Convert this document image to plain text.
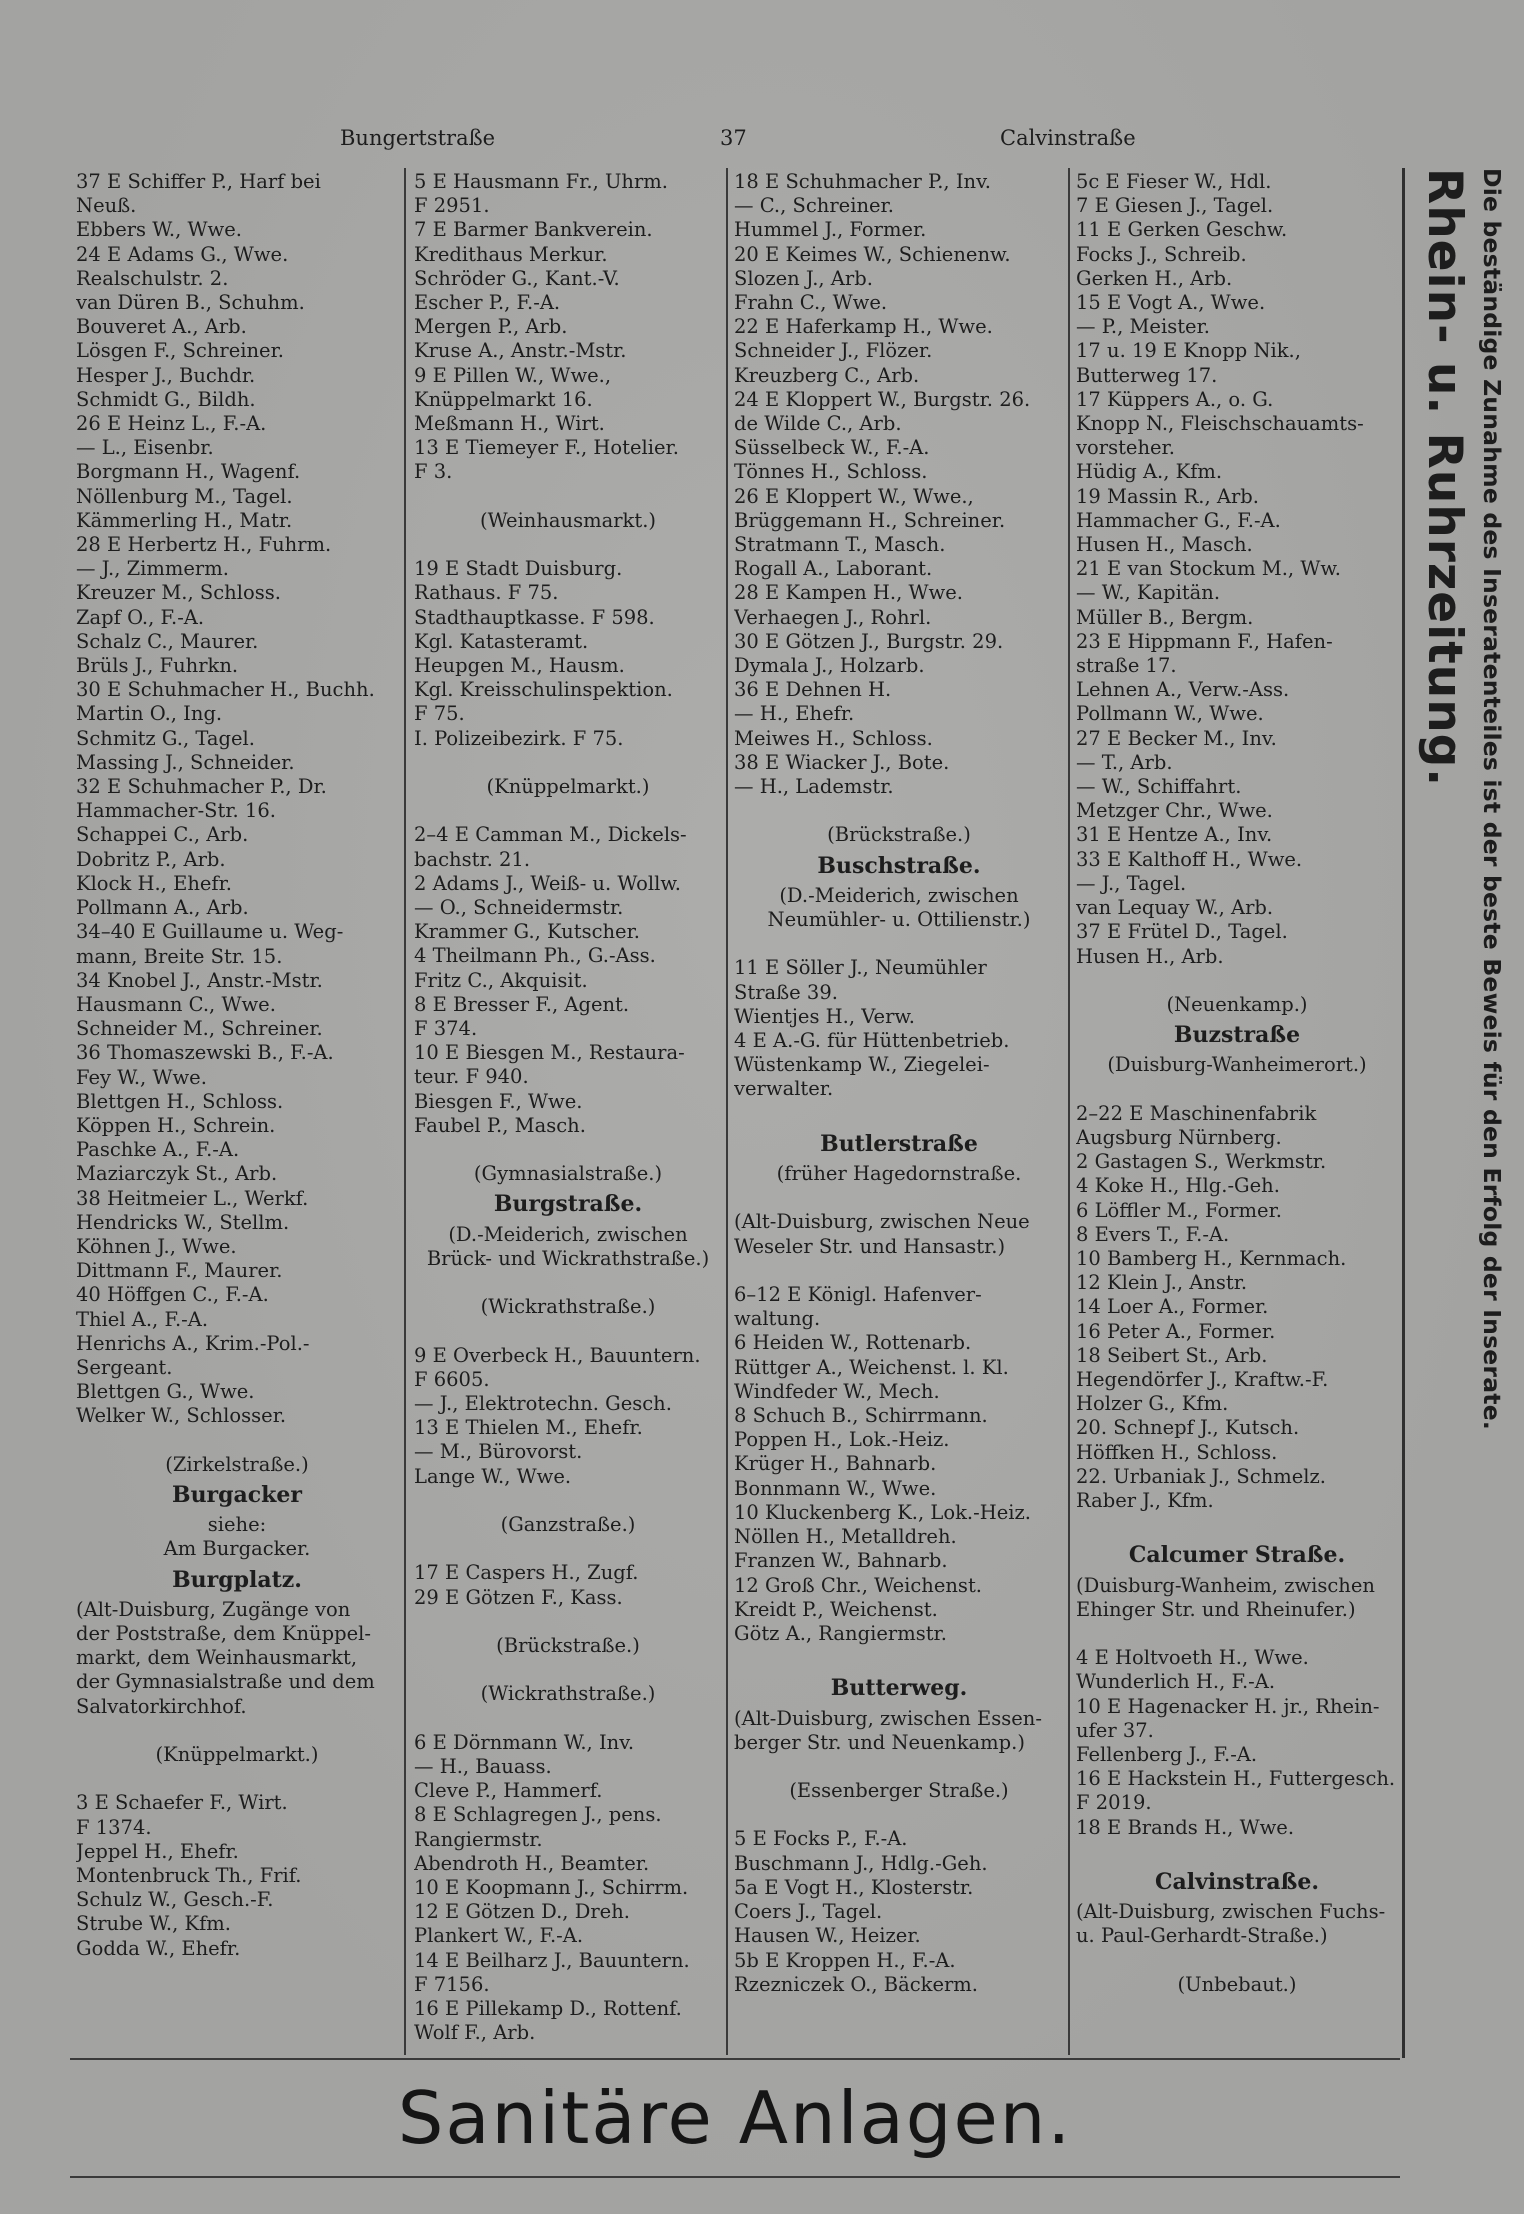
Bungertstraße	37	Calvinstraße
37 E Schiffer P., Harf bei
Neuß.
Ebbers W., Wwe.
24 E Adams G., Wwe.
Realschulstr. 2.
van Düren B., Schuhm.
Bouveret A., Arb.
Lösgen F., Schreiner.
Hesper J., Buchdr.
Schmidt G., Bildh.
26 E Heinz L., F.-A.
— L., Eisenbr.
Borgmann H., Wagenf.
Nöllenburg M., Tagel.
Kämmerling H., Matr.
28 E Herbertz H., Fuhrm.
— J., Zimmerm.
Kreuzer M., Schloss.
Zapf O., F.-A.
Schalz C., Maurer.
Brüls J., Fuhrkn.
30 E Schuhmacher H., Buchh.
Martin O., Ing.
Schmitz G., Tagel.
Massing J., Schneider.
32 E Schuhmacher P., Dr.
Hammacher-Str. 16.
Schappei C., Arb.
Dobritz P., Arb.
Klock H., Ehefr.
Pollmann A., Arb.
34–40 E Guillaume u. Weg-
mann, Breite Str. 15.
34 Knobel J., Anstr.-Mstr.
Hausmann C., Wwe.
Schneider M., Schreiner.
36 Thomaszewski B., F.-A.
Fey W., Wwe.
Blettgen H., Schloss.
Köppen H., Schrein.
Paschke A., F.-A.
Maziarczyk St., Arb.
38 Heitmeier L., Werkf.
Hendricks W., Stellm.
Köhnen J., Wwe.
Dittmann F., Maurer.
40 Höffgen C., F.-A.
Thiel A., F.-A.
Henrichs A., Krim.-Pol.-
Sergeant.
Blettgen G., Wwe.
Welker W., Schlosser.
(Zirkelstraße.)
Burgacker
siehe:
Am Burgacker.
Burgplatz.
(Alt-Duisburg, Zugänge von
der Poststraße, dem Knüppel-
markt, dem Weinhausmarkt,
der Gymnasialstraße und dem
Salvatorkirchhof.
(Knüppelmarkt.)
3 E Schaefer F., Wirt.
F 1374.
Jeppel H., Ehefr.
Montenbruck Th., Frif.
Schulz W., Gesch.-F.
Strube W., Kfm.
Godda W., Ehefr.
5 E Hausmann Fr., Uhrm.
F 2951.
7 E Barmer Bankverein.
Kredithaus Merkur.
Schröder G., Kant.-V.
Escher P., F.-A.
Mergen P., Arb.
Kruse A., Anstr.-Mstr.
9 E Pillen W., Wwe.,
Knüppelmarkt 16.
Meßmann H., Wirt.
13 E Tiemeyer F., Hotelier.
F 3.
(Weinhausmarkt.)
19 E Stadt Duisburg.
Rathaus. F 75.
Stadthauptkasse. F 598.
Kgl. Katasteramt.
Heupgen M., Hausm.
Kgl. Kreisschulinspektion.
F 75.
I. Polizeibezirk. F 75.
(Knüppelmarkt.)
2–4 E Camman M., Dickels-
bachstr. 21.
2 Adams J., Weiß- u. Wollw.
— O., Schneidermstr.
Krammer G., Kutscher.
4 Theilmann Ph., G.-Ass.
Fritz C., Akquisit.
8 E Bresser F., Agent.
F 374.
10 E Biesgen M., Restaura-
teur. F 940.
Biesgen F., Wwe.
Faubel P., Masch.
(Gymnasialstraße.)
Burgstraße.
(D.-Meiderich, zwischen
Brück- und Wickrathstraße.)
(Wickrathstraße.)
9 E Overbeck H., Bauuntern.
F 6605.
— J., Elektrotechn. Gesch.
13 E Thielen M., Ehefr.
— M., Bürovorst.
Lange W., Wwe.
(Ganzstraße.)
17 E Caspers H., Zugf.
29 E Götzen F., Kass.
(Brückstraße.)
(Wickrathstraße.)
6 E Dörnmann W., Inv.
— H., Bauass.
Cleve P., Hammerf.
8 E Schlagregen J., pens.
Rangiermstr.
Abendroth H., Beamter.
10 E Koopmann J., Schirrm.
12 E Götzen D., Dreh.
Plankert W., F.-A.
14 E Beilharz J., Bauuntern.
F 7156.
16 E Pillekamp D., Rottenf.
Wolf F., Arb.
18 E Schuhmacher P., Inv.
— C., Schreiner.
Hummel J., Former.
20 E Keimes W., Schienenw.
Slozen J., Arb.
Frahn C., Wwe.
22 E Haferkamp H., Wwe.
Schneider J., Flözer.
Kreuzberg C., Arb.
24 E Kloppert W., Burgstr. 26.
de Wilde C., Arb.
Süsselbeck W., F.-A.
Tönnes H., Schloss.
26 E Kloppert W., Wwe.,
Brüggemann H., Schreiner.
Stratmann T., Masch.
Rogall A., Laborant.
28 E Kampen H., Wwe.
Verhaegen J., Rohrl.
30 E Götzen J., Burgstr. 29.
Dymala J., Holzarb.
36 E Dehnen H.
— H., Ehefr.
Meiwes H., Schloss.
38 E Wiacker J., Bote.
— H., Lademstr.
(Brückstraße.)
Buschstraße.
(D.-Meiderich, zwischen
Neumühler- u. Ottilienstr.)
11 E Söller J., Neumühler
Straße 39.
Wientjes H., Verw.
4 E A.-G. für Hüttenbetrieb.
Wüstenkamp W., Ziegelei-
verwalter.
Butlerstraße
(früher Hagedornstraße.
(Alt-Duisburg, zwischen Neue
Weseler Str. und Hansastr.)
6–12 E Königl. Hafenver-
waltung.
6 Heiden W., Rottenarb.
Rüttger A., Weichenst. l. Kl.
Windfeder W., Mech.
8 Schuch B., Schirrmann.
Poppen H., Lok.-Heiz.
Krüger H., Bahnarb.
Bonnmann W., Wwe.
10 Kluckenberg K., Lok.-Heiz.
Nöllen H., Metalldreh.
Franzen W., Bahnarb.
12 Groß Chr., Weichenst.
Kreidt P., Weichenst.
Götz A., Rangiermstr.
Butterweg.
(Alt-Duisburg, zwischen Essen-
berger Str. und Neuenkamp.)
(Essenberger Straße.)
5 E Focks P., F.-A.
Buschmann J., Hdlg.-Geh.
5a E Vogt H., Klosterstr.
Coers J., Tagel.
Hausen W., Heizer.
5b E Kroppen H., F.-A.
Rzezniczek O., Bäckerm.
5c E Fieser W., Hdl.
7 E Giesen J., Tagel.
11 E Gerken Geschw.
Focks J., Schreib.
Gerken H., Arb.
15 E Vogt A., Wwe.
— P., Meister.
17 u. 19 E Knopp Nik.,
Butterweg 17.
17 Küppers A., o. G.
Knopp N., Fleischschauamts-
vorsteher.
Hüdig A., Kfm.
19 Massin R., Arb.
Hammacher G., F.-A.
Husen H., Masch.
21 E van Stockum M., Ww.
— W., Kapitän.
Müller B., Bergm.
23 E Hippmann F., Hafen-
straße 17.
Lehnen A., Verw.-Ass.
Pollmann W., Wwe.
27 E Becker M., Inv.
— T., Arb.
— W., Schiffahrt.
Metzger Chr., Wwe.
31 E Hentze A., Inv.
33 E Kalthoff H., Wwe.
— J., Tagel.
van Lequay W., Arb.
37 E Frütel D., Tagel.
Husen H., Arb.
(Neuenkamp.)
Buzstraße
(Duisburg-Wanheimerort.)
2–22 E Maschinenfabrik
Augsburg Nürnberg.
2 Gastagen S., Werkmstr.
4 Koke H., Hlg.-Geh.
6 Löffler M., Former.
8 Evers T., F.-A.
10 Bamberg H., Kernmach.
12 Klein J., Anstr.
14 Loer A., Former.
16 Peter A., Former.
18 Seibert St., Arb.
Hegendörfer J., Kraftw.-F.
Holzer G., Kfm.
20. Schnepf J., Kutsch.
Höffken H., Schloss.
22. Urbaniak J., Schmelz.
Raber J., Kfm.
Calcumer Straße.
(Duisburg-Wanheim, zwischen
Ehinger Str. und Rheinufer.)
4 E Holtvoeth H., Wwe.
Wunderlich H., F.-A.
10 E Hagenacker H. jr., Rhein-
ufer 37.
Fellenberg J., F.-A.
16 E Hackstein H., Futtergesch.
F 2019.
18 E Brands H., Wwe.
Calvinstraße.
(Alt-Duisburg, zwischen Fuchs-
u. Paul-Gerhardt-Straße.)
(Unbebaut.)
Rhein- u. Ruhrzeitung. Die beständige Zunahme des Inseratenteiles ist der beste Beweis für den Erfolg der Inserate.
Sanitäre Anlagen.
